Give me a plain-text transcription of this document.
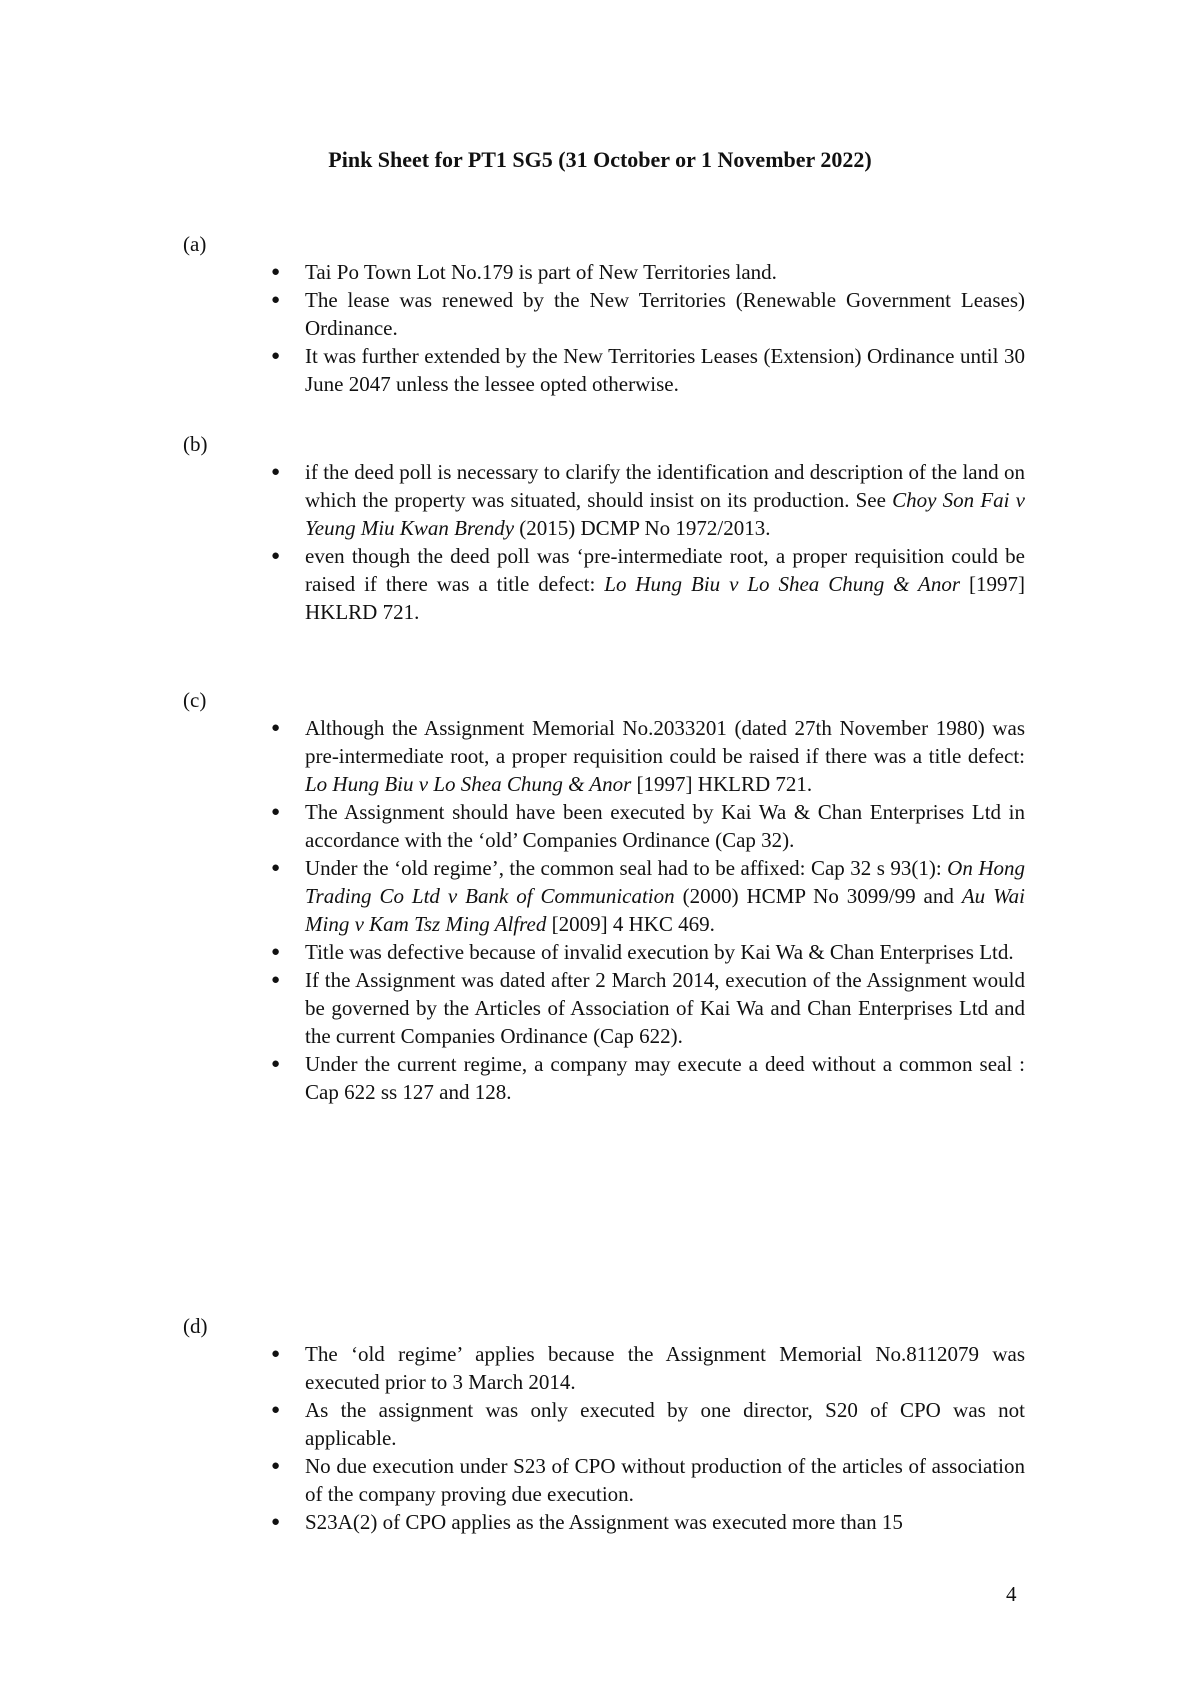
Pink Sheet for PT1 SG5 (31 October or 1 November 2022)
(a)
● Tai Po Town Lot No.179 is part of New Territories land.
● The lease was renewed by the New Territories (Renewable Government Leases) Ordinance.
● It was further extended by the New Territories Leases (Extension) Ordinance until 30 June 2047 unless the lessee opted otherwise.
(b)
● if the deed poll is necessary to clarify the identification and description of the land on which the property was situated, should insist on its production. See Choy Son Fai v Yeung Miu Kwan Brendy (2015) DCMP No 1972/2013.
● even though the deed poll was ‘pre-intermediate root, a proper requisition could be raised if there was a title defect: Lo Hung Biu v Lo Shea Chung & Anor [1997] HKLRD 721.
(c)
● Although the Assignment Memorial No.2033201 (dated 27th November 1980) was pre-intermediate root, a proper requisition could be raised if there was a title defect: Lo Hung Biu v Lo Shea Chung & Anor [1997] HKLRD 721.
● The Assignment should have been executed by Kai Wa & Chan Enterprises Ltd in accordance with the ‘old’ Companies Ordinance (Cap 32).
● Under the ‘old regime’, the common seal had to be affixed: Cap 32 s 93(1): On Hong Trading Co Ltd v Bank of Communication (2000) HCMP No 3099/99 and Au Wai Ming v Kam Tsz Ming Alfred [2009] 4 HKC 469.
● Title was defective because of invalid execution by Kai Wa & Chan Enterprises Ltd.
● If the Assignment was dated after 2 March 2014, execution of the Assignment would be governed by the Articles of Association of Kai Wa and Chan Enterprises Ltd and the current Companies Ordinance (Cap 622).
● Under the current regime, a company may execute a deed without a common seal : Cap 622 ss 127 and 128.
(d)
● The ‘old regime’ applies because the Assignment Memorial No.8112079 was executed prior to 3 March 2014.
● As the assignment was only executed by one director, S20 of CPO was not applicable.
● No due execution under S23 of CPO without production of the articles of association of the company proving due execution.
● S23A(2) of CPO applies as the Assignment was executed more than 15
4
